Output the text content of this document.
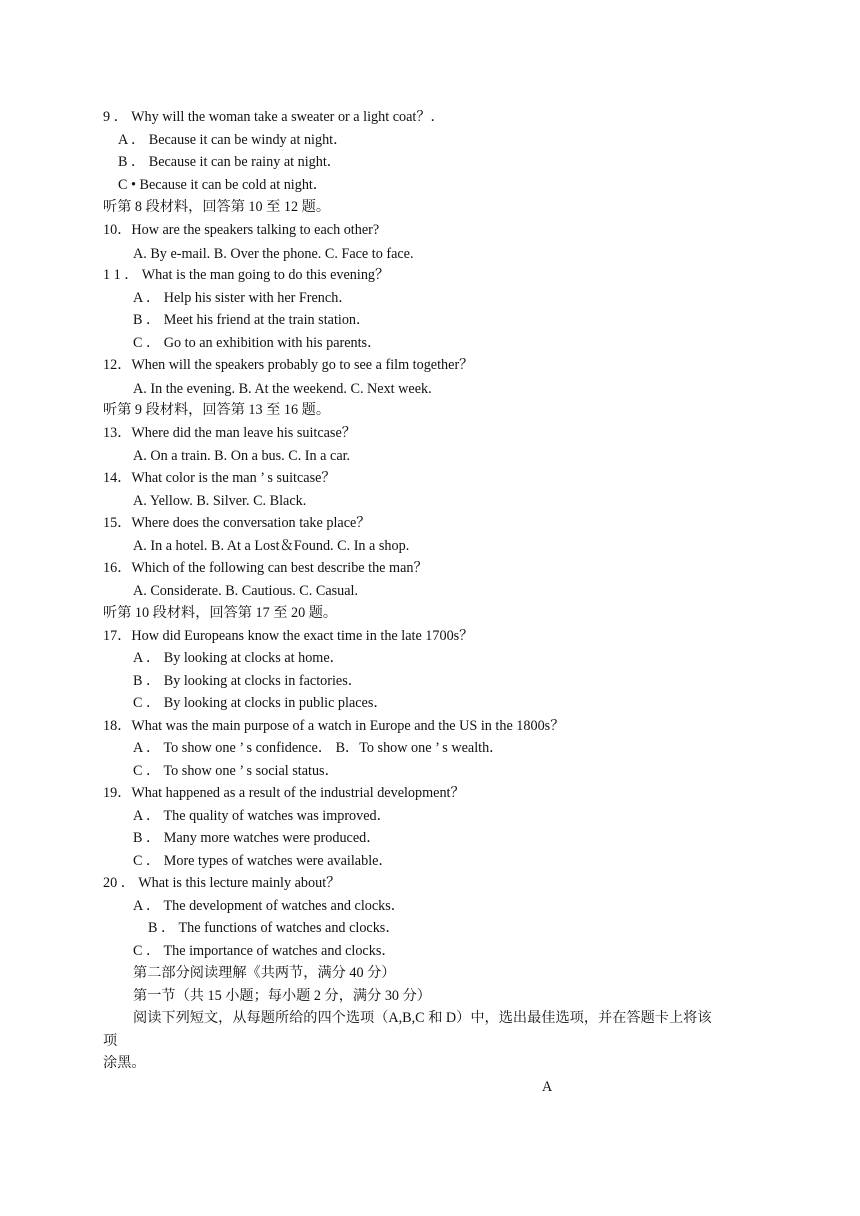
9 ． Why will the woman take a sweater or a light coat？．
A ． Because it can be windy at night．
B ． Because it can be rainy at night．
C • Because it can be cold at night．
听第 8 段材料，回答第 10 至 12 题。
10．How are the speakers talking to each other?
A. By e-mail. B. Over the phone. C. Face to face.
1 1 ． What is the man going to do this evening？
A ． Help his sister with her French．
B ． Meet his friend at the train station．
C ． Go to an exhibition with his parents．
12．When will the speakers probably go to see a film together？
A. In the evening. B. At the weekend. C. Next week.
听第 9 段材料，回答第 13 至 16 题。
13．Where did the man leave his suitcase？
A. On a train. B. On a bus. C. In a car.
14．What color is the man ’ s suitcase？
A. Yellow. B. Silver. C. Black.
15．Where does the conversation take place？
A. In a hotel. B. At a Lost＆Found. C. In a shop.
16．Which of the following can best describe the man？
A. Considerate. B. Cautious. C. Casual.
听第 10 段材料，回答第 17 至 20 题。
17．How did Europeans know the exact time in the late 1700s？
A ． By looking at clocks at home．
B ． By looking at clocks in factories．
C ． By looking at clocks in public places．
18．What was the main purpose of a watch in Europe and the US in the 1800s？
A ． To show one ’ s confidence． B．To show one ’ s wealth．
C ． To show one ’ s social status．
19．What happened as a result of the industrial development？
A ． The quality of watches was improved．
B ． Many more watches were produced．
C ． More types of watches were available．
20 ． What is this lecture mainly about？
A ． The development of watches and clocks．
B ． The functions of watches and clocks．
C ． The importance of watches and clocks．
第二部分阅读理解《共两节，满分 40 分）
第一节（共 15 小题；每小题 2 分，满分 30 分）
阅读下列短文，从每题所给的四个选项（A,B,C 和 D）中，选出最佳选项，并在答题卡上将该
项
涂黑。
A
